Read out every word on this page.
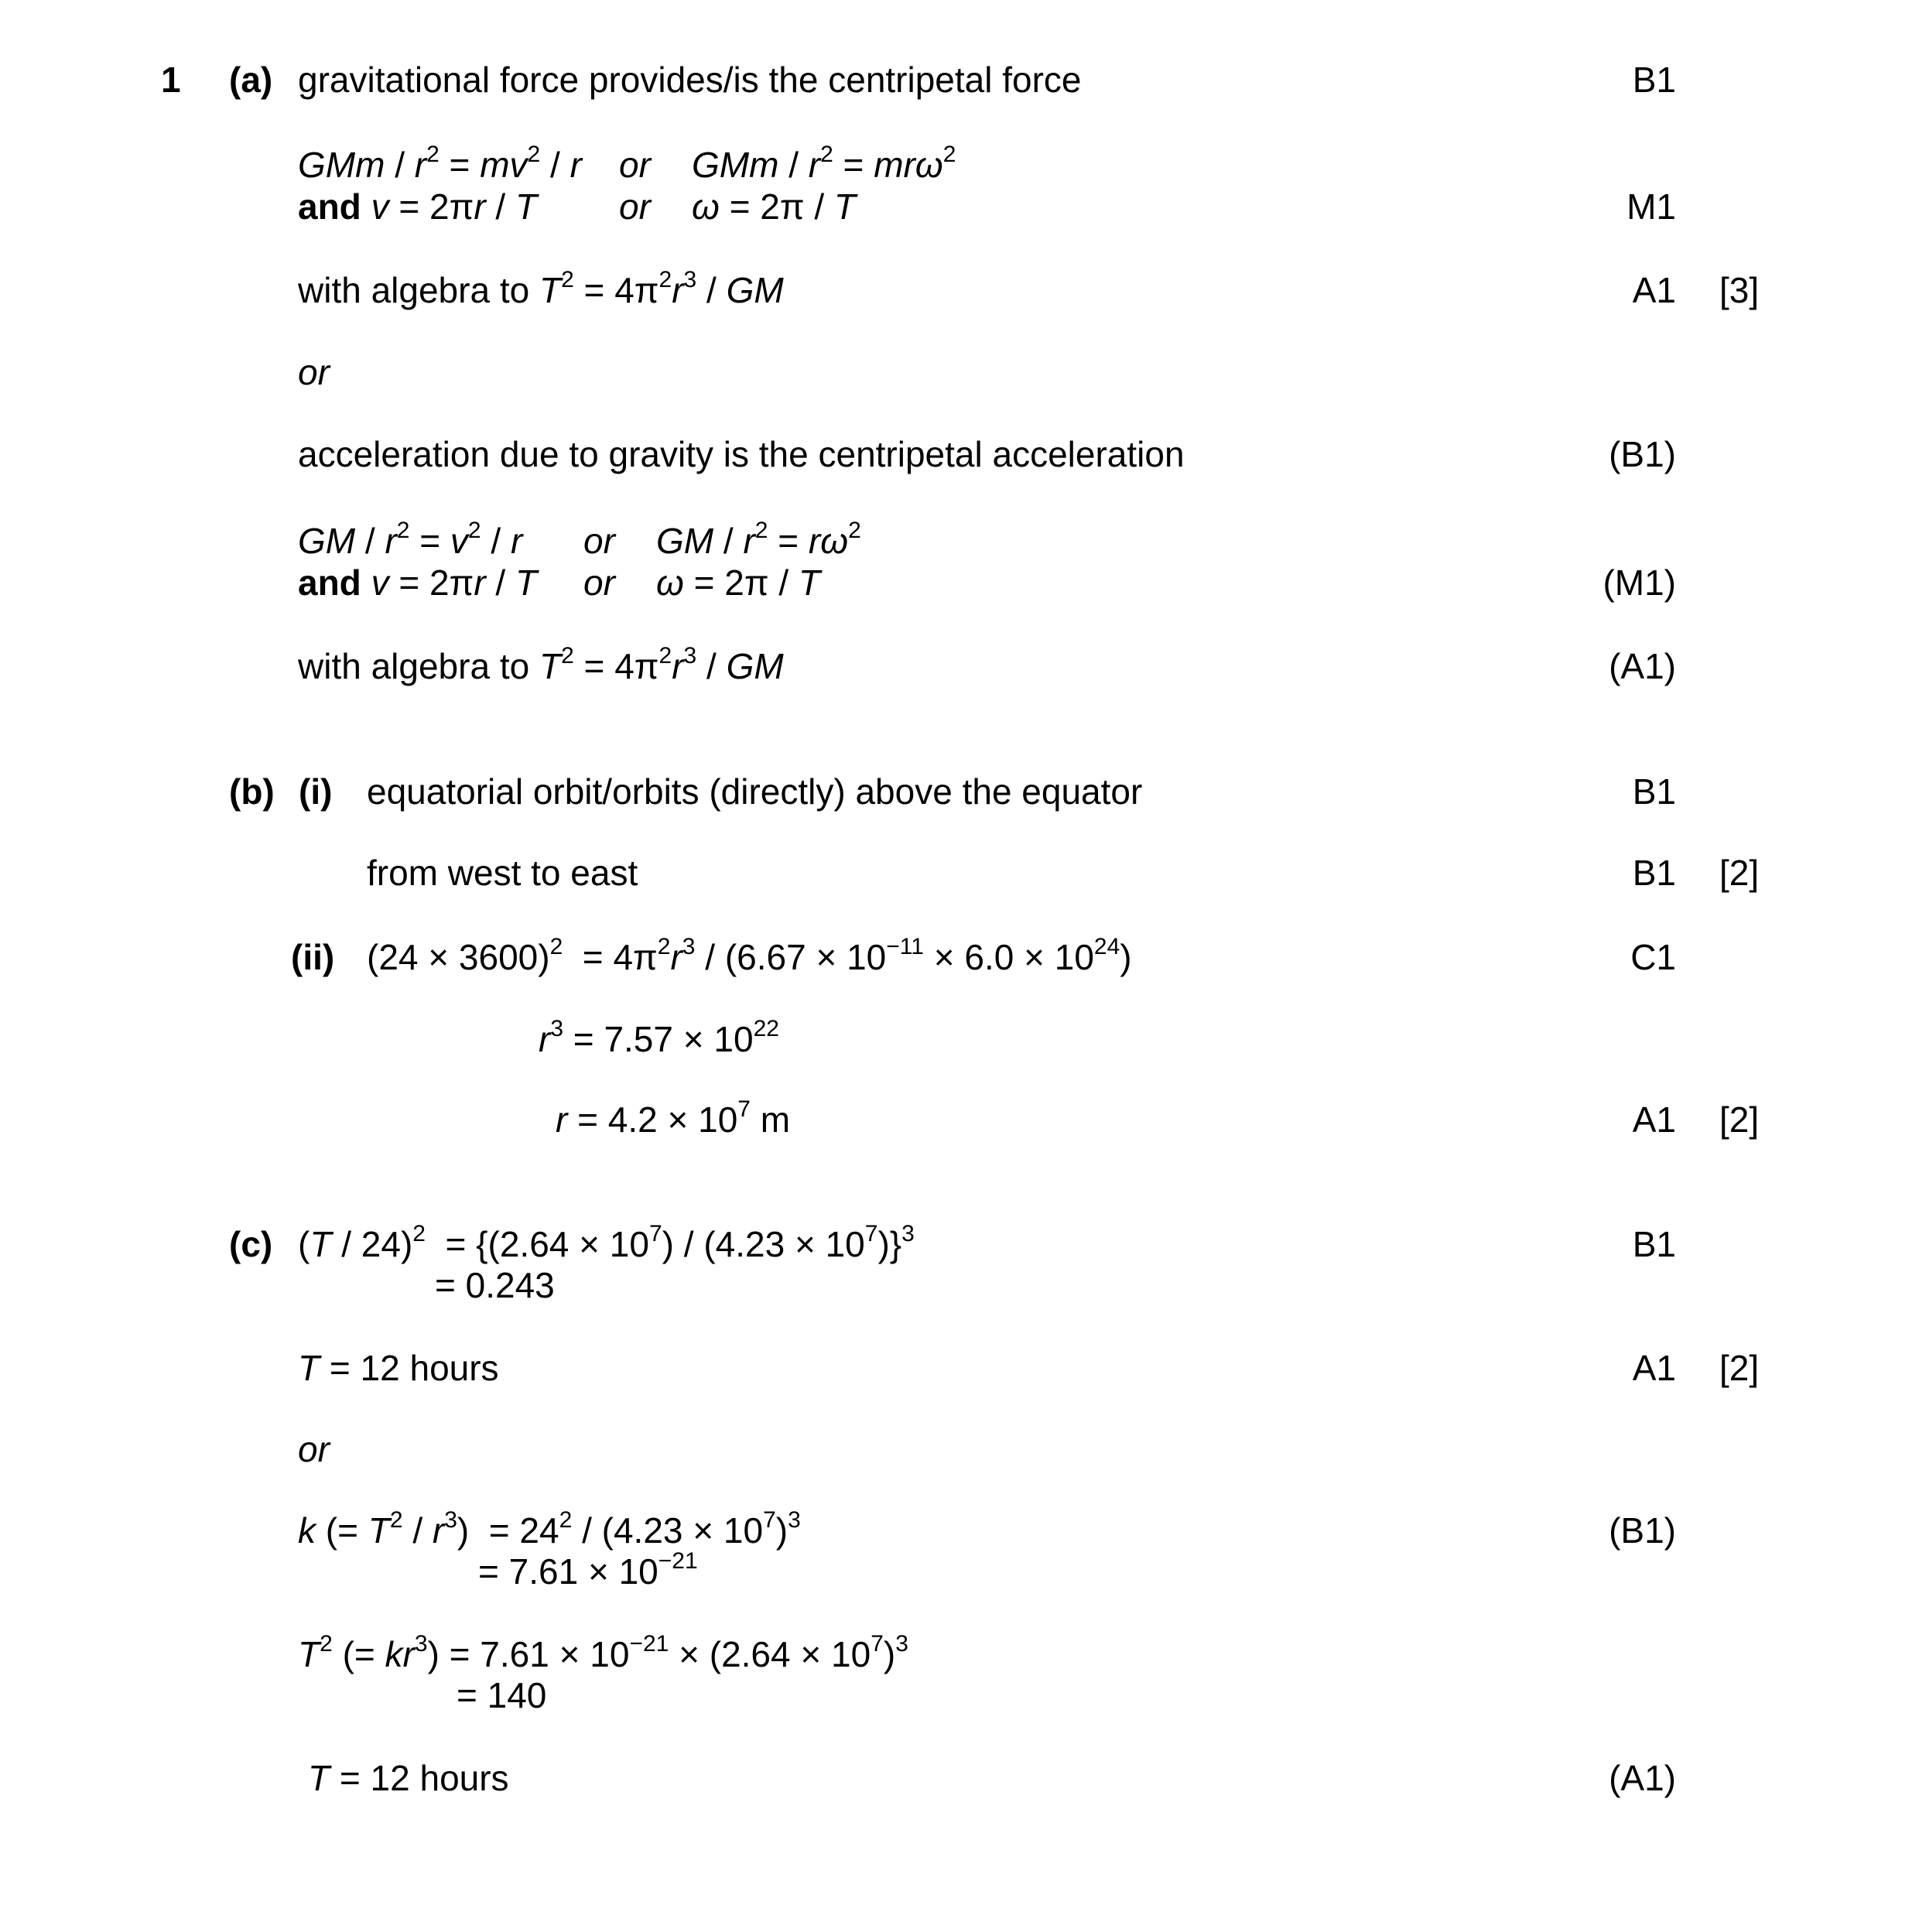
1 (a) gravitational force provides/is the centripetal force	B1
GMm / $r^2 = mv^2 / r$ or GMm / $r^2 = mr\omega^2$
and v = 2πr / T or ω = 2π / T	M1
with algebra to $T^2 = 4\pi^2r^3$ / GM	A1 [3]
or
acceleration due to gravity is the centripetal acceleration	(B1)
GM / $r^2 = v^2 / r$ or GM / $r^2 = r\omega^2$
and v = 2πr / T or ω = 2π / T	(M1)
with algebra to $T^2 = 4\pi^2r^3$ / GM	(A1)
(b) (i) equatorial orbit/orbits (directly) above the equator	B1
from west to east	B1 [2]
(ii) $(24 \times 3600)^2 = 4\pi^2r^3 / (6.67 \times 10^{-11} \times 6.0 \times 10^{24})$	C1
$r^3 = 7.57 \times 10^{22}$
$r = 4.2 \times 10^7$ m	A1 [2]
(c) $(T / 24)^2 = \{(2.64 \times 10^7) / (4.23 \times 10^7)\}^3$	B1
= 0.243
T = 12 hours	A1 [2]
or
k (= $T^2 / r^3) = 24^2 / (4.23 \times 10^7)^3$	(B1)
= $7.61 \times 10^{-21}$
$T^2$ (= $kr^3) = 7.61 \times 10^{-21} \times (2.64 \times 10^7)^3$
= 140
T = 12 hours	(A1)
